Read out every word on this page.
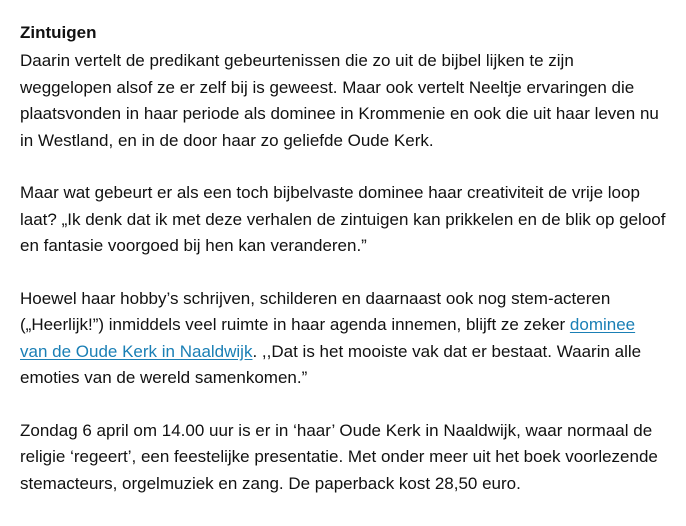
Zintuigen

Daarin vertelt de predikant gebeurtenissen die zo uit de bijbel lijken te zijn weggelopen alsof ze er zelf bij is geweest. Maar ook vertelt Neeltje ervaringen die plaatsvonden in haar periode als dominee in Krommenie en ook die uit haar leven nu in Westland, en in de door haar zo geliefde Oude Kerk.

Maar wat gebeurt er als een toch bijbelvaste dominee haar creativiteit de vrije loop laat? „Ik denk dat ik met deze verhalen de zintuigen kan prikkelen en de blik op geloof en fantasie voorgoed bij hen kan veranderen.”

Hoewel haar hobby’s schrijven, schilderen en daarnaast ook nog stem-acteren („Heerlijk!”) inmiddels veel ruimte in haar agenda innemen, blijft ze zeker dominee van de Oude Kerk in Naaldwijk. ,,Dat is het mooiste vak dat er bestaat. Waarin alle emoties van de wereld samenkomen.”

Zondag 6 april om 14.00 uur is er in ‘haar’ Oude Kerk in Naaldwijk, waar normaal de religie ‘regeert’, een feestelijke presentatie. Met onder meer uit het boek voorlezende stemacteurs, orgelmuziek en zang. De paperback kost 28,50 euro.
